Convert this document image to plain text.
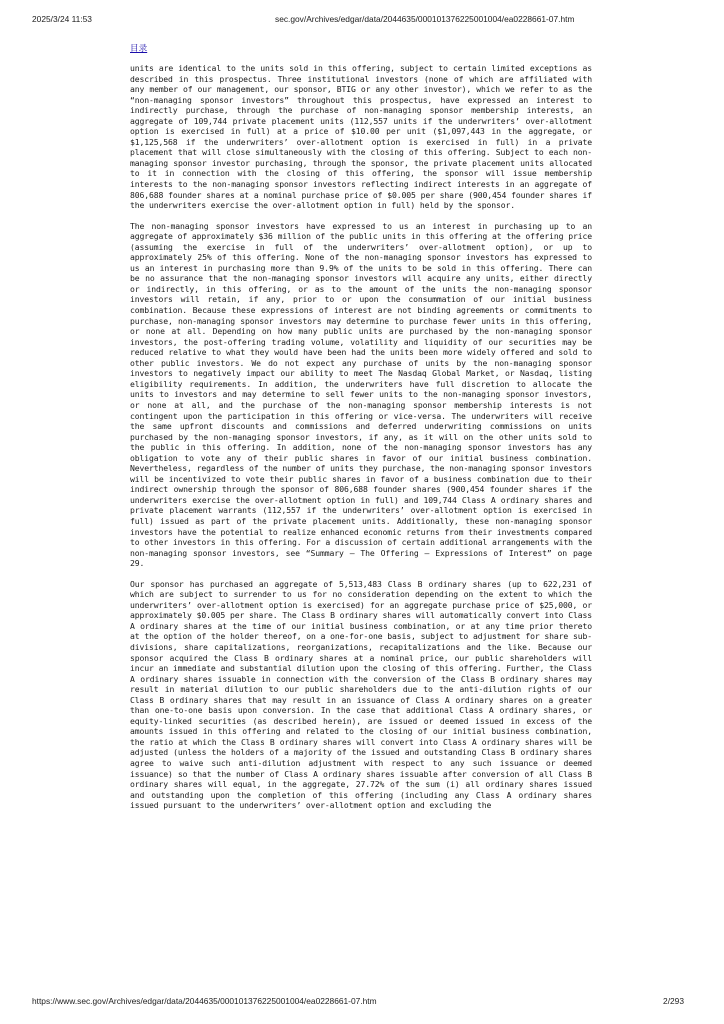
2025/3/24 11:53	sec.gov/Archives/edgar/data/2044635/000101376225001004/ea0228661-07.htm
目录

units are identical to the units sold in this offering, subject to certain limited exceptions as described in this prospectus. Three institutional investors (none of which are affiliated with any member of our management, our sponsor, BTIG or any other investor), which we refer to as the “non-managing sponsor investors” throughout this prospectus, have expressed an interest to indirectly purchase, through the purchase of non-managing sponsor membership interests, an aggregate of 109,744 private placement units (112,557 units if the underwriters’ over-allotment option is exercised in full) at a price of $10.00 per unit ($1,097,443 in the aggregate, or $1,125,568 if the underwriters’ over-allotment option is exercised in full) in a private placement that will close simultaneously with the closing of this offering. Subject to each non-managing sponsor investor purchasing, through the sponsor, the private placement units allocated to it in connection with the closing of this offering, the sponsor will issue membership interests to the non-managing sponsor investors reflecting indirect interests in an aggregate of 806,688 founder shares at a nominal purchase price of $0.005 per share (900,454 founder shares if the underwriters exercise the over-allotment option in full) held by the sponsor.

The non-managing sponsor investors have expressed to us an interest in purchasing up to an aggregate of approximately $36 million of the public units in this offering at the offering price (assuming the exercise in full of the underwriters’ over-allotment option), or up to approximately 25% of this offering. None of the non-managing sponsor investors has expressed to us an interest in purchasing more than 9.9% of the units to be sold in this offering. There can be no assurance that the non-managing sponsor investors will acquire any units, either directly or indirectly, in this offering, or as to the amount of the units the non-managing sponsor investors will retain, if any, prior to or upon the consummation of our initial business combination. Because these expressions of interest are not binding agreements or commitments to purchase, non-managing sponsor investors may determine to purchase fewer units in this offering, or none at all. Depending on how many public units are purchased by the non-managing sponsor investors, the post-offering trading volume, volatility and liquidity of our securities may be reduced relative to what they would have been had the units been more widely offered and sold to other public investors. We do not expect any purchase of units by the non-managing sponsor investors to negatively impact our ability to meet The Nasdaq Global Market, or Nasdaq, listing eligibility requirements. In addition, the underwriters have full discretion to allocate the units to investors and may determine to sell fewer units to the non-managing sponsor investors, or none at all, and the purchase of the non-managing sponsor membership interests is not contingent upon the participation in this offering or vice-versa. The underwriters will receive the same upfront discounts and commissions and deferred underwriting commissions on units purchased by the non-managing sponsor investors, if any, as it will on the other units sold to the public in this offering. In addition, none of the non-managing sponsor investors has any obligation to vote any of their public shares in favor of our initial business combination. Nevertheless, regardless of the number of units they purchase, the non-managing sponsor investors will be incentivized to vote their public shares in favor of a business combination due to their indirect ownership through the sponsor of 806,688 founder shares (900,454 founder shares if the underwriters exercise the over-allotment option in full) and 109,744 Class A ordinary shares and private placement warrants (112,557 if the underwriters’ over-allotment option is exercised in full) issued as part of the private placement units. Additionally, these non-managing sponsor investors have the potential to realize enhanced economic returns from their investments compared to other investors in this offering. For a discussion of certain additional arrangements with the non-managing sponsor investors, see “Summary — The Offering — Expressions of Interest” on page 29.

Our sponsor has purchased an aggregate of 5,513,483 Class B ordinary shares (up to 622,231 of which are subject to surrender to us for no consideration depending on the extent to which the underwriters’ over-allotment option is exercised) for an aggregate purchase price of $25,000, or approximately $0.005 per share. The Class B ordinary shares will automatically convert into Class A ordinary shares at the time of our initial business combination, or at any time prior thereto at the option of the holder thereof, on a one-for-one basis, subject to adjustment for share sub-divisions, share capitalizations, reorganizations, recapitalizations and the like. Because our sponsor acquired the Class B ordinary shares at a nominal price, our public shareholders will incur an immediate and substantial dilution upon the closing of this offering. Further, the Class A ordinary shares issuable in connection with the conversion of the Class B ordinary shares may result in material dilution to our public shareholders due to the anti-dilution rights of our Class B ordinary shares that may result in an issuance of Class A ordinary shares on a greater than one-to-one basis upon conversion. In the case that additional Class A ordinary shares, or equity-linked securities (as described herein), are issued or deemed issued in excess of the amounts issued in this offering and related to the closing of our initial business combination, the ratio at which the Class B ordinary shares will convert into Class A ordinary shares will be adjusted (unless the holders of a majority of the issued and outstanding Class B ordinary shares agree to waive such anti-dilution adjustment with respect to any such issuance or deemed issuance) so that the number of Class A ordinary shares issuable after conversion of all Class B ordinary shares will equal, in the aggregate, 27.72% of the sum (i) all ordinary shares issued and outstanding upon the completion of this offering (including any Class A ordinary shares issued pursuant to the underwriters’ over-allotment option and excluding the

https://www.sec.gov/Archives/edgar/data/2044635/000101376225001004/ea0228661-07.htm	2/293
